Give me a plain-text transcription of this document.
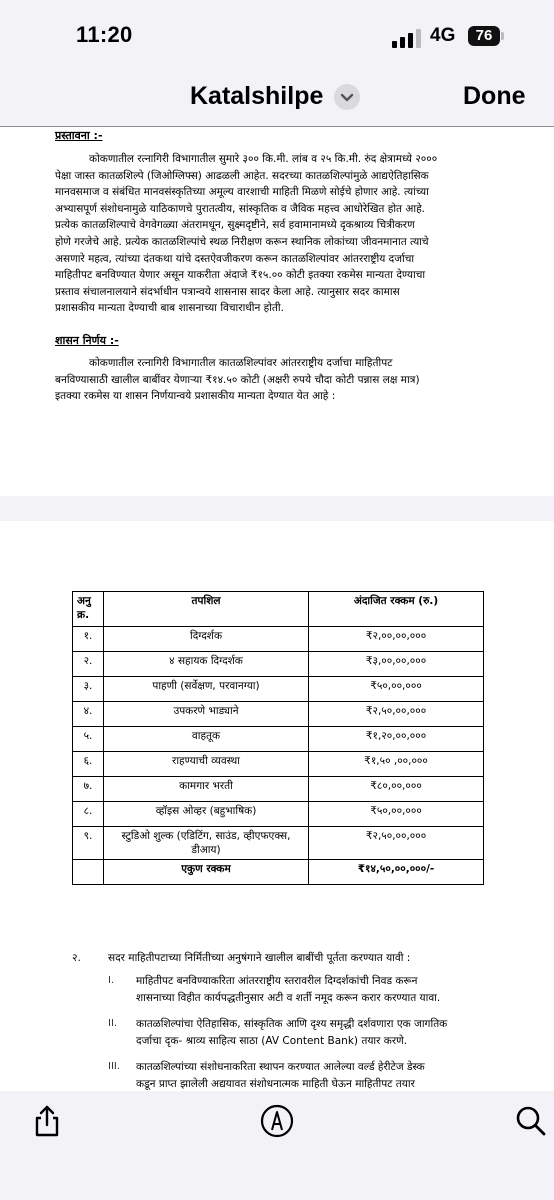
11:20	4G	76
Katalshilpe	Done
प्रस्तावना :-
कोकणातील रत्नागिरी विभागातील सुमारे ३०० कि.मी. लांब व २५ कि.मी. रुंद क्षेत्रामध्ये २०००
पेक्षा जास्त कातळशिल्पे (जिओग्लिफ्स) आढळली आहेत. सदरच्या कातळशिल्पांमुळे आद्यऐतिहासिक
मानवसमाज व संबंधित मानवसंस्कृतिच्या अमूल्य वारशाची माहिती मिळणे सोईचे होणार आहे. त्यांच्या
अभ्यासपूर्ण संशोधनामुळे याठिकाणचे पुरातत्वीय, सांस्कृतिक व जैविक महत्त्व आधोरेखित होत आहे.
प्रत्येक कातळशिल्पाचे वेगवेगळ्या अंतरामधून, सुक्ष्मदृष्टीने, सर्व हवामानामध्ये दृकश्राव्य चित्रीकरण
होणे गरजेचे आहे. प्रत्येक कातळशिल्पांचे स्थळ निरीक्षण करून स्थानिक लोकांच्या जीवनमानात त्याचे
असणारे महत्व, त्यांच्या दंतकथा यांचे दस्तऐवजीकरण करून कातळशिल्पांवर आंतरराष्ट्रीय दर्जाचा
माहितीपट बनविण्यात येणार असून याकरीता अंदाजे ₹१५.०० कोटी इतक्या रकमेस मान्यता देण्याचा
प्रस्ताव संचालनालयाने संदर्भाधीन पत्रान्वये शासनास सादर केला आहे. त्यानुसार सदर कामास
प्रशासकीय मान्यता देण्याची बाब शासनाच्या विचाराधीन होती.
शासन निर्णय :-
कोकणातील रत्नागिरी विभागातील कातळशिल्पांवर आंतरराष्ट्रीय दर्जाचा माहितीपट
बनविण्यासाठी खालील बाबींवर येणाऱ्या ₹१४.५० कोटी (अक्षरी रुपये चौदा कोटी पन्नास लक्ष मात्र)
इतक्या रकमेस या शासन निर्णयान्वये प्रशासकीय मान्यता देण्यात येत आहे :
अनु क्र.	तपशिल	अंदाजित रक्कम (रु.)
१.	दिग्दर्शक	₹२,००,००,०००
२.	४ सहायक दिग्दर्शक	₹३,००,००,०००
३.	पाहणी (सर्वेक्षण, परवानग्या)	₹५०,००,०००
४.	उपकरणे भाड्याने	₹२,५०,००,०००
५.	वाहतूक	₹१,२०,००,०००
६.	राहण्याची व्यवस्था	₹१,५० ,००,०००
७.	कामगार भरती	₹८०,००,०००
८.	व्हॉइस ओव्हर (बहुभाषिक)	₹५०,००,०००
९.	स्टुडिओ शुल्क (एडिटिंग, साउंड, व्हीएफएक्स, डीआय)	₹२,५०,००,०००
	एकुण रक्कम	₹१४,५०,००,०००/-
२.	सदर माहितीपटाच्या निर्मितीच्या अनुषंगाने खालील बाबींची पूर्तता करण्यात यावी :
I. माहितीपट बनविण्याकरिता आंतरराष्ट्रीय स्तरावरील दिग्दर्शकांची निवड करून
शासनाच्या विहीत कार्यपद्धतीनुसार अटी व शर्ती नमूद करून करार करण्यात यावा.
II. कातळशिल्पांचा ऐतिहासिक, सांस्कृतिक आणि दृश्य समृद्धी दर्शवणारा एक जागतिक
दर्जाचा दृक- श्राव्य साहित्य साठा (AV Content Bank) तयार करणे.
III. कातळशिल्पांच्या संशोधनाकरिता स्थापन करण्यात आलेल्या वर्ल्ड हेरीटेज डेस्क
कडून प्राप्त झालेली अद्ययावत संशोधनात्मक माहिती घेऊन माहितीपट तयार
